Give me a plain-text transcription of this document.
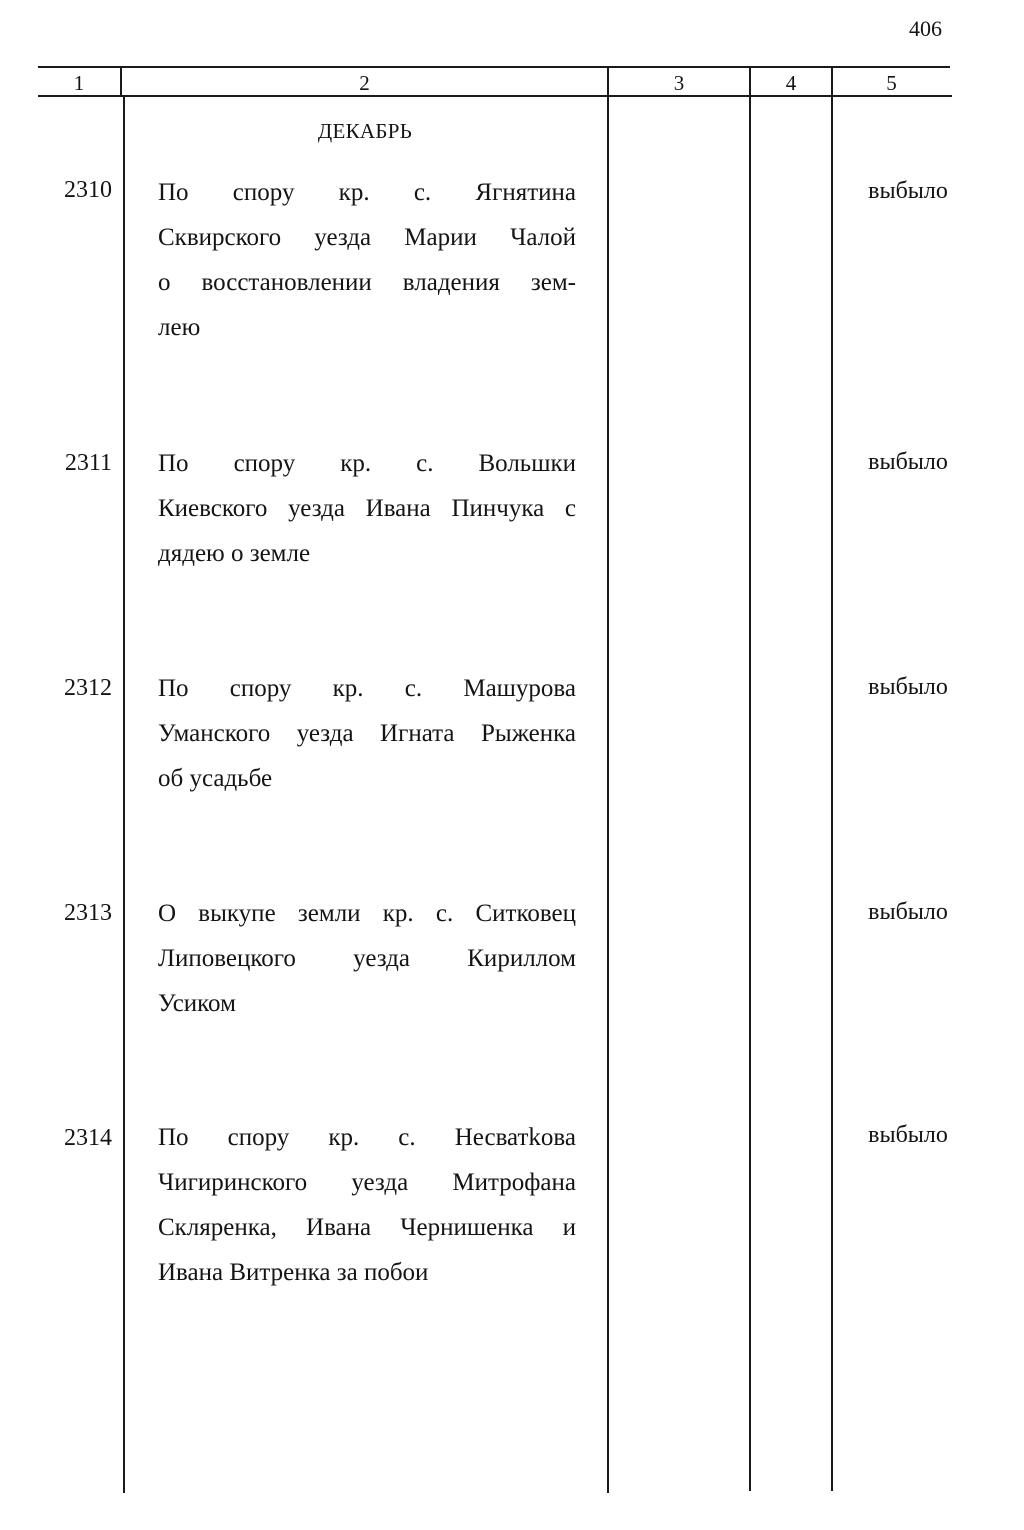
406
1	2	3	4	5
ДЕКАБРЬ
2310 По спору кр. с. Ягнятина
Сквирского уезда Марии Чалой
о восстановлении владения зем-
лею
выбыло
2311 По спору кр. с. Вольшки
Киевского уезда Ивана Пинчука с
дядею о земле
выбыло
2312 По спору кр. с. Машурова
Уманского уезда Игната Рыженка
об усадьбе
выбыло
2313 О выкупе земли кр. с. Ситковец
Липовецкого уезда Кириллом
Усиком
выбыло
2314 По спору кр. с. Несватkова
Чигиринского уезда Митрофана
Скляренка, Ивана Чернишенка и
Ивана Витренка за побои
выбыло
